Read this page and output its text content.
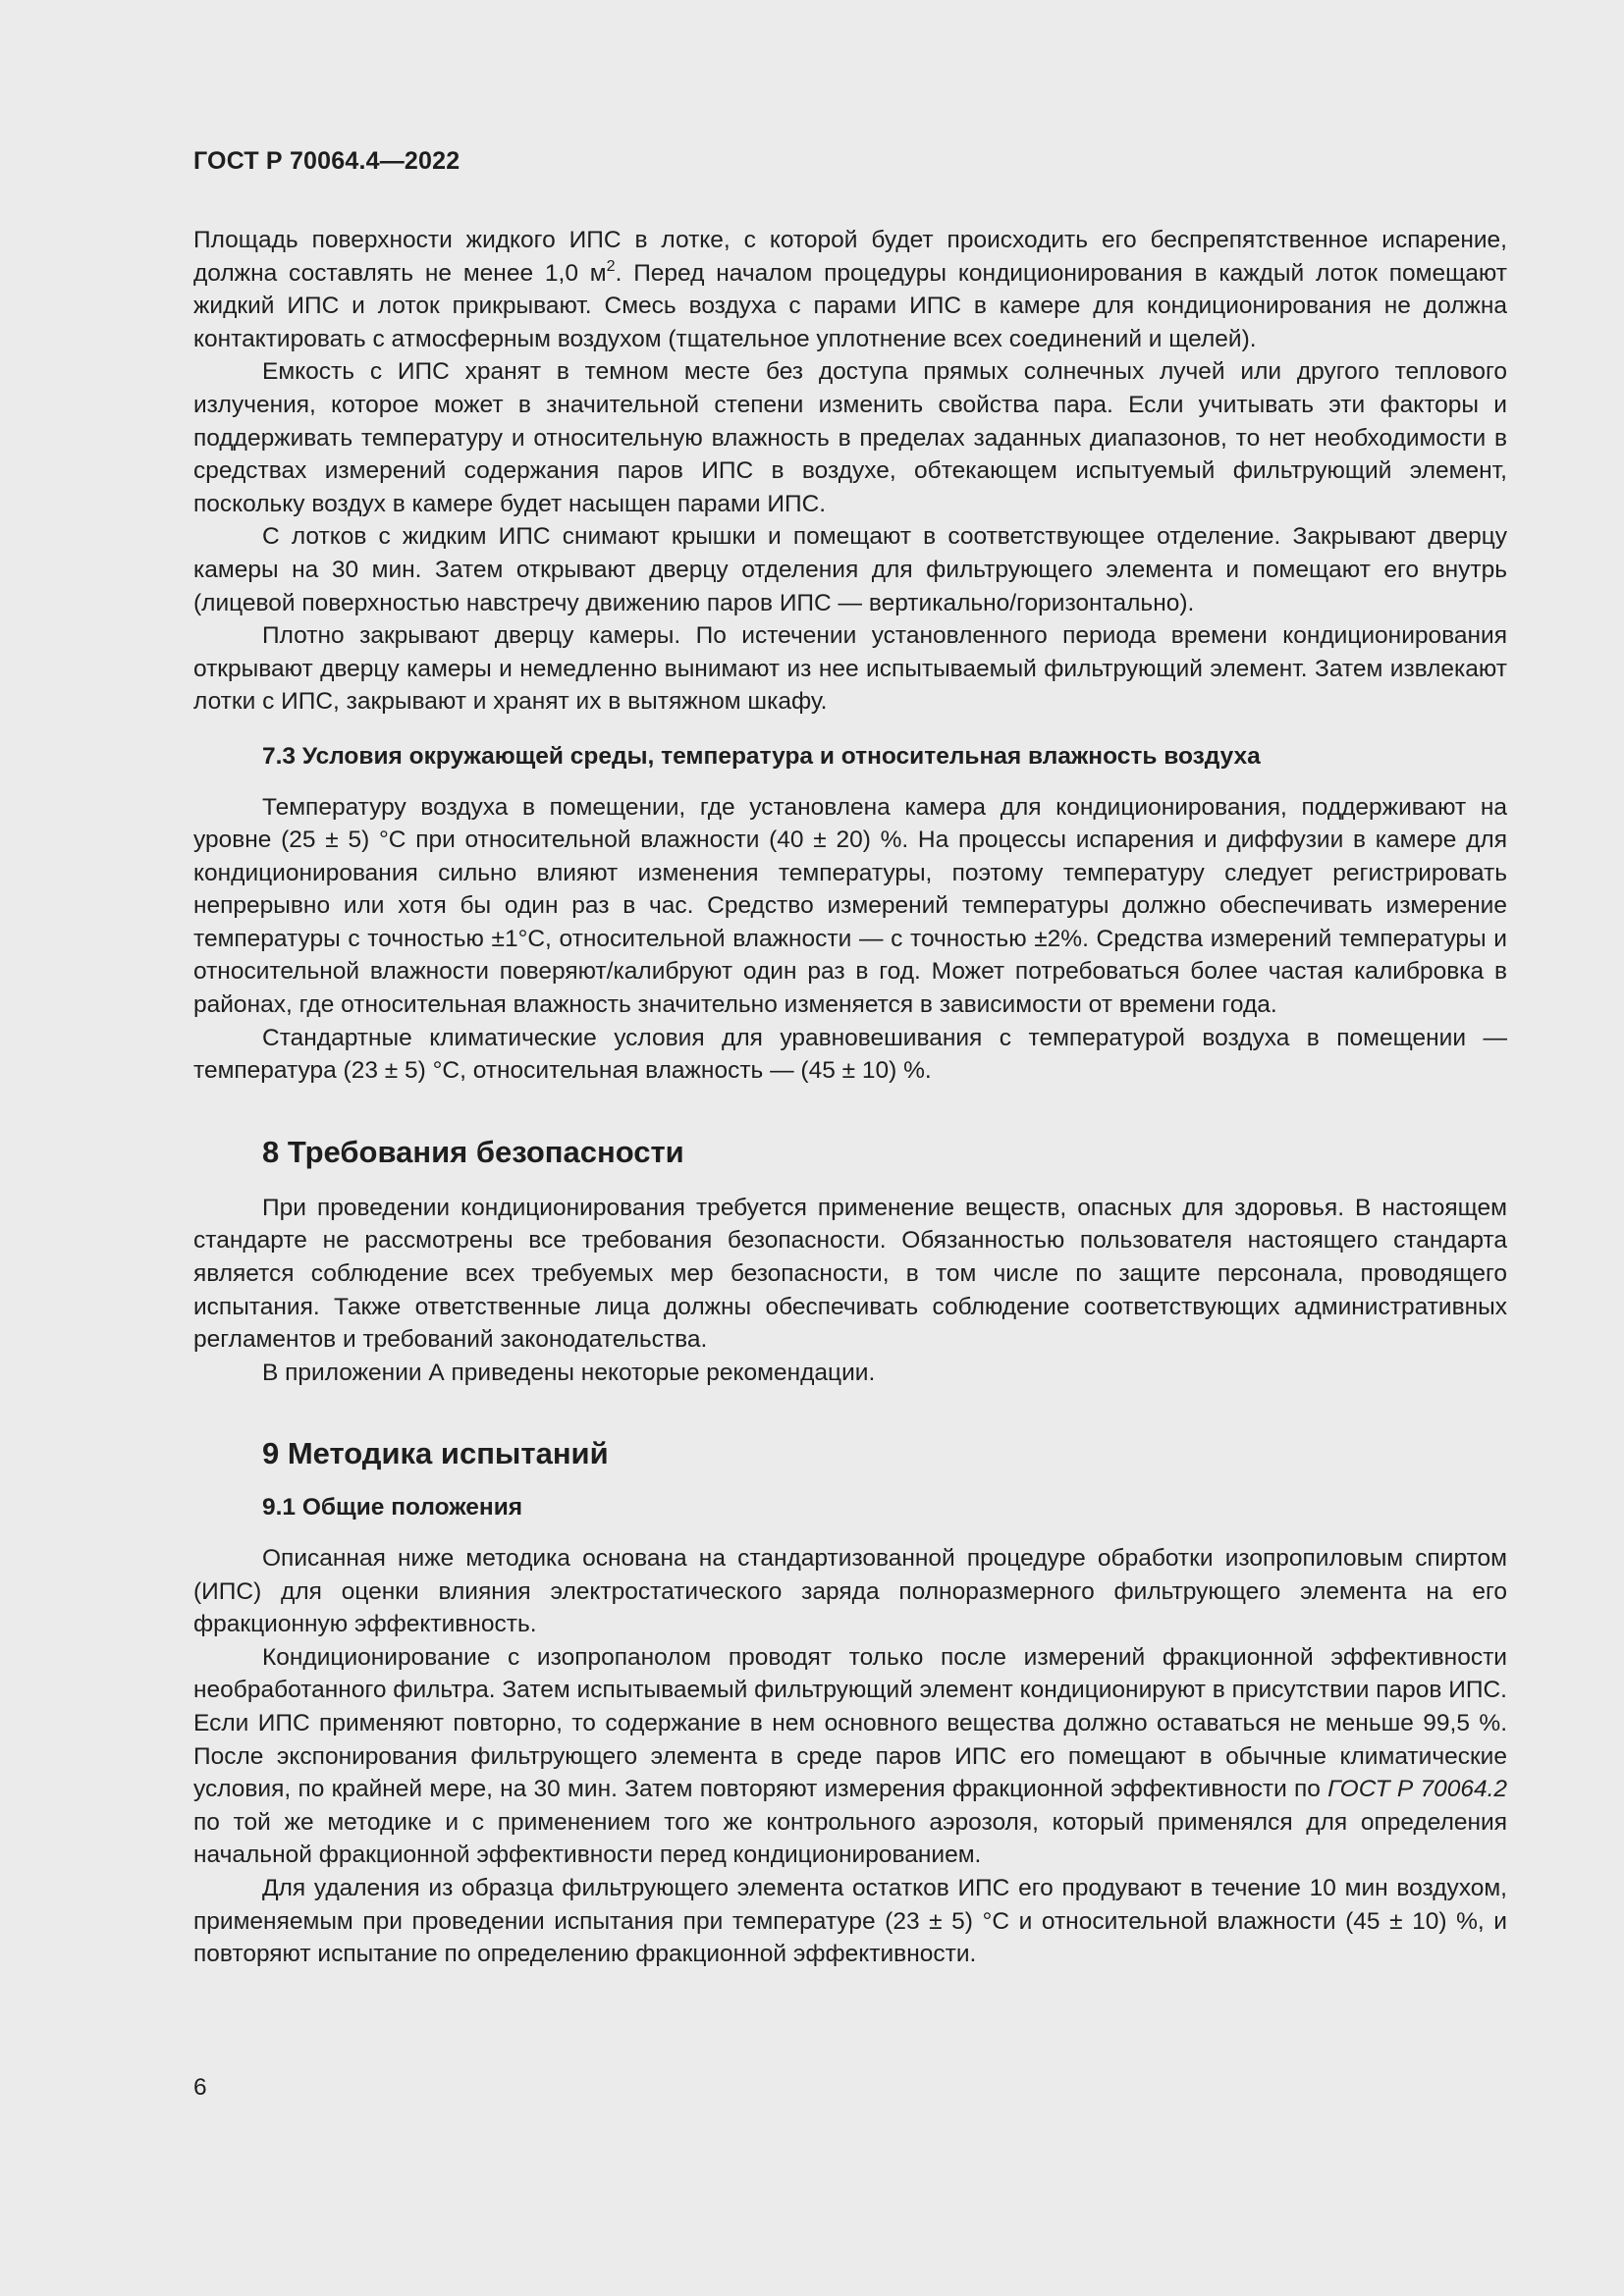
ГОСТ Р 70064.4—2022

Площадь поверхности жидкого ИПС в лотке, с которой будет происходить его беспрепятственное испарение, должна составлять не менее 1,0 $м^2$. Перед началом процедуры кондиционирования в каждый лоток помещают жидкий ИПС и лоток прикрывают. Смесь воздуха с парами ИПС в камере для кондиционирования не должна контактировать с атмосферным воздухом (тщательное уплотнение всех соединений и щелей).

Емкость с ИПС хранят в темном месте без доступа прямых солнечных лучей или другого теплового излучения, которое может в значительной степени изменить свойства пара. Если учитывать эти факторы и поддерживать температуру и относительную влажность в пределах заданных диапазонов, то нет необходимости в средствах измерений содержания паров ИПС в воздухе, обтекающем испытуемый фильтрующий элемент, поскольку воздух в камере будет насыщен парами ИПС.

С лотков с жидким ИПС снимают крышки и помещают в соответствующее отделение. Закрывают дверцу камеры на 30 мин. Затем открывают дверцу отделения для фильтрующего элемента и помещают его внутрь (лицевой поверхностью навстречу движению паров ИПС — вертикально/горизонтально).

Плотно закрывают дверцу камеры. По истечении установленного периода времени кондиционирования открывают дверцу камеры и немедленно вынимают из нее испытываемый фильтрующий элемент. Затем извлекают лотки с ИПС, закрывают и хранят их в вытяжном шкафу.

7.3 Условия окружающей среды, температура и относительная влажность воздуха

Температуру воздуха в помещении, где установлена камера для кондиционирования, поддерживают на уровне (25 ± 5) °С при относительной влажности (40 ± 20) %. На процессы испарения и диффузии в камере для кондиционирования сильно влияют изменения температуры, поэтому температуру следует регистрировать непрерывно или хотя бы один раз в час. Средство измерений температуры должно обеспечивать измерение температуры с точностью ±1°С, относительной влажности — с точностью ±2%. Средства измерений температуры и относительной влажности поверяют/калибруют один раз в год. Может потребоваться более частая калибровка в районах, где относительная влажность значительно изменяется в зависимости от времени года.

Стандартные климатические условия для уравновешивания с температурой воздуха в помещении — температура (23 ± 5) °С, относительная влажность — (45 ± 10) %.

8 Требования безопасности

При проведении кондиционирования требуется применение веществ, опасных для здоровья. В настоящем стандарте не рассмотрены все требования безопасности. Обязанностью пользователя настоящего стандарта является соблюдение всех требуемых мер безопасности, в том числе по защите персонала, проводящего испытания. Также ответственные лица должны обеспечивать соблюдение соответствующих административных регламентов и требований законодательства.

В приложении А приведены некоторые рекомендации.

9 Методика испытаний
9.1 Общие положения

Описанная ниже методика основана на стандартизованной процедуре обработки изопропиловым спиртом (ИПС) для оценки влияния электростатического заряда полноразмерного фильтрующего элемента на его фракционную эффективность.

Кондиционирование с изопропанолом проводят только после измерений фракционной эффективности необработанного фильтра. Затем испытываемый фильтрующий элемент кондиционируют в присутствии паров ИПС. Если ИПС применяют повторно, то содержание в нем основного вещества должно оставаться не меньше 99,5 %. После экспонирования фильтрующего элемента в среде паров ИПС его помещают в обычные климатические условия, по крайней мере, на 30 мин. Затем повторяют измерения фракционной эффективности по ГОСТ Р 70064.2 по той же методике и с применением того же контрольного аэрозоля, который применялся для определения начальной фракционной эффективности перед кондиционированием.

Для удаления из образца фильтрующего элемента остатков ИПС его продувают в течение 10 мин воздухом, применяемым при проведении испытания при температуре (23 ± 5) °С и относительной влажности (45 ± 10) %, и повторяют испытание по определению фракционной эффективности.

6
